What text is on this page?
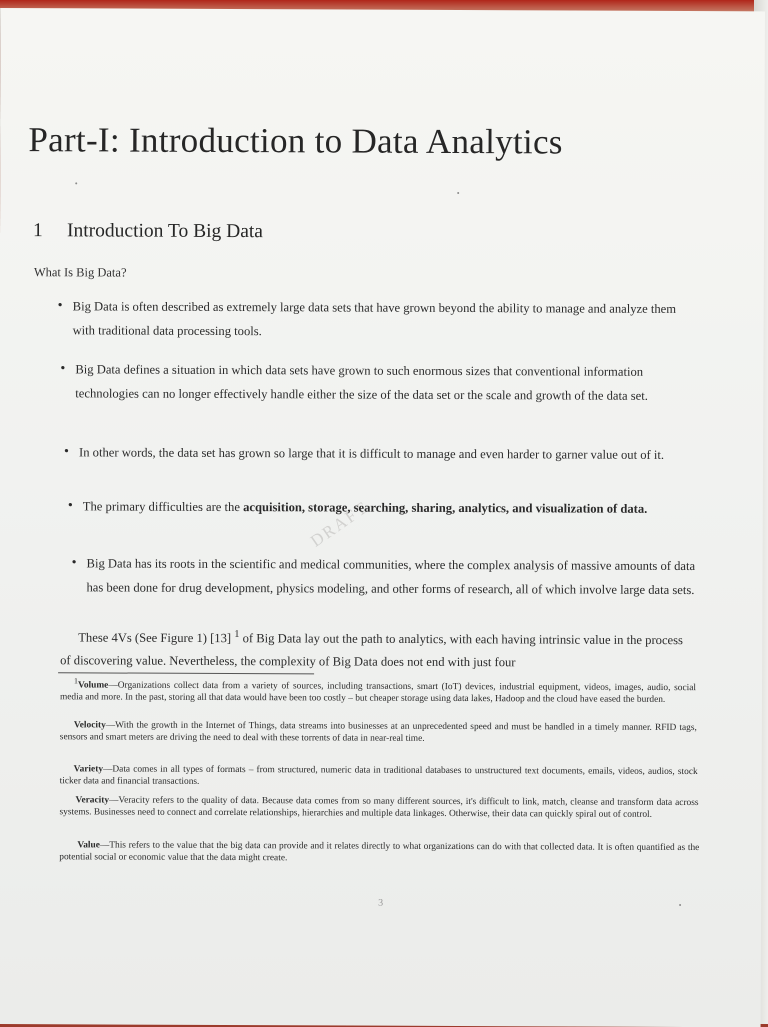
Part-I: Introduction to Data Analytics
1 Introduction To Big Data
What Is Big Data?
DRAFT
• Big Data is often described as extremely large data sets that have grown beyond the ability to manage and analyze them with traditional data processing tools.
• Big Data defines a situation in which data sets have grown to such enormous sizes that conventional information technologies can no longer effectively handle either the size of the data set or the scale and growth of the data set.
• In other words, the data set has grown so large that it is difficult to manage and even harder to garner value out of it.
• The primary difficulties are the acquisition, storage, searching, sharing, analytics, and visualization of data.
• Big Data has its roots in the scientific and medical communities, where the complex analysis of massive amounts of data has been done for drug development, physics modeling, and other forms of research, all of which involve large data sets.
These 4Vs (See Figure 1) [13] $^1$ of Big Data lay out the path to analytics, with each having intrinsic value in the process of discovering value. Nevertheless, the complexity of Big Data does not end with just four
$^1$Volume—Organizations collect data from a variety of sources, including transactions, smart (IoT) devices, industrial equipment, videos, images, audio, social media and more. In the past, storing all that data would have been too costly – but cheaper storage using data lakes, Hadoop and the cloud have eased the burden.
Velocity—With the growth in the Internet of Things, data streams into businesses at an unprecedented speed and must be handled in a timely manner. RFID tags, sensors and smart meters are driving the need to deal with these torrents of data in near-real time.
Variety—Data comes in all types of formats – from structured, numeric data in traditional databases to unstructured text documents, emails, videos, audios, stock ticker data and financial transactions.
Veracity—Veracity refers to the quality of data. Because data comes from so many different sources, it's difficult to link, match, cleanse and transform data across systems. Businesses need to connect and correlate relationships, hierarchies and multiple data linkages. Otherwise, their data can quickly spiral out of control.
Value—This refers to the value that the big data can provide and it relates directly to what organizations can do with that collected data. It is often quantified as the potential social or economic value that the data might create.
3
